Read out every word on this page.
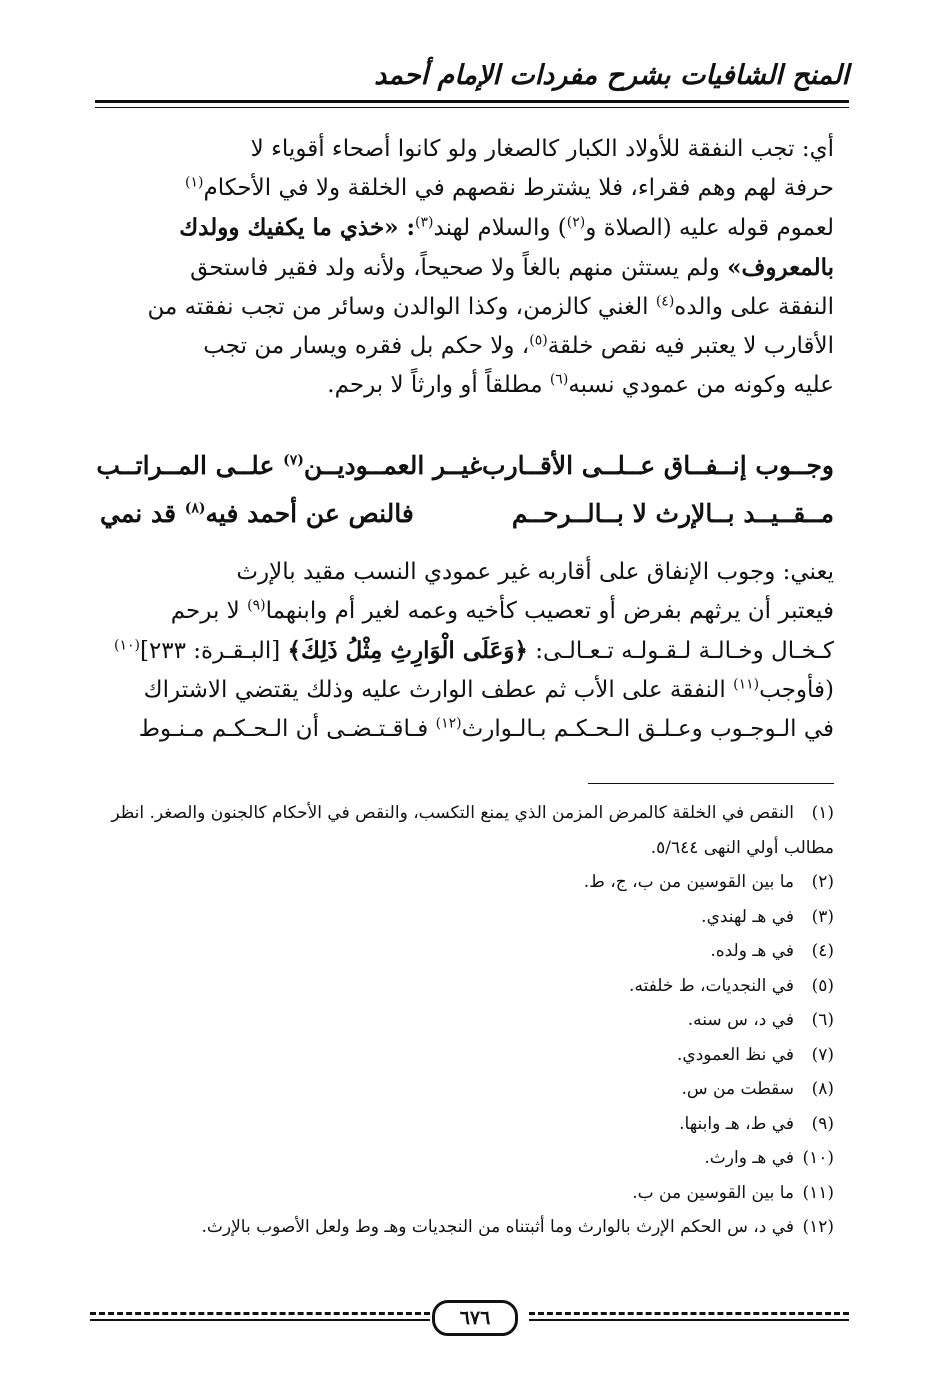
المنح الشافيات بشرح مفردات الإمام أحمد

أي: تجب النفقة للأولاد الكبار كالصغار ولو كانوا أصحاء أقوياء لا

حرفة لهم وهم فقراء، فلا يشترط نقصهم في الخلقة ولا في الأحكام$^{(١)}$

لعموم قوله عليه (الصلاة و$^{(٢)}$) والسلام لهند$^{(٣)}$: «خذي ما يكفيك وولدك

بالمعروف» ولم يستثن منهم بالغاً ولا صحيحاً، ولأنه ولد فقير فاستحق

النفقة على والده$^{(٤)}$ الغني كالزمن، وكذا الوالدن وسائر من تجب نفقته من

الأقارب لا يعتبر فيه نقص خلقة$^{(٥)}$، ولا حكم بل فقره ويسار من تجب

عليه وكونه من عمودي نسبه$^{(٦)}$ مطلقاً أو وارثاً لا برحم.

وجــوب إنــفــاق عــلــى الأقــارب
غيــر العمــوديــن$^{(٧)}$ علــى المــراتــب
مــقــيــد بــالإرث لا بــالــرحــم
فالنص عن أحمد فيه$^{(٨)}$ قد نمي

يعني: وجوب الإنفاق على أقاربه غير عمودي النسب مقيد بالإرث

فيعتبر أن يرثهم بفرض أو تعصيب كأخيه وعمه لغير أم وابنهما$^{(٩)}$ لا برحم

كـخـال وخـالـة لـقـولـه تـعـالـى: ﴿وَعَلَى الْوَارِثِ مِثْلُ ذَلِكَ﴾ [البـقـرة: ٢٣٣]$^{(١٠)}$

(فأوجب$^{(١١)}$ النفقة على الأب ثم عطف الوارث عليه وذلك يقتضي الاشتراك

في الـوجـوب وعـلـق الـحـكـم بـالـوارث$^{(١٢)}$ فـاقـتـضـى أن الـحـكـم مـنـوط

(١)النقص في الخلقة كالمرض المزمن الذي يمنع التكسب، والنقص في الأحكام كالجنون والصغر. انظر مطالب أولي النهى ٥/٦٤٤.

(٢)ما بين القوسين من ب، ج، ط.

(٣)في هـ لهندي.

(٤)في هـ ولده.

(٥)في النجديات، ط خلفته.

(٦)في د، س سنه.

(٧)في نظ العمودي.

(٨)سقطت من س.

(٩)في ط، هـ وابنها.

(١٠)في هـ وارث.

(١١)ما بين القوسين من ب.

(١٢)في د، س الحكم الإرث بالوارث وما أثبتناه من النجديات وهـ وط ولعل الأصوب بالإرث.

٦٧٦
